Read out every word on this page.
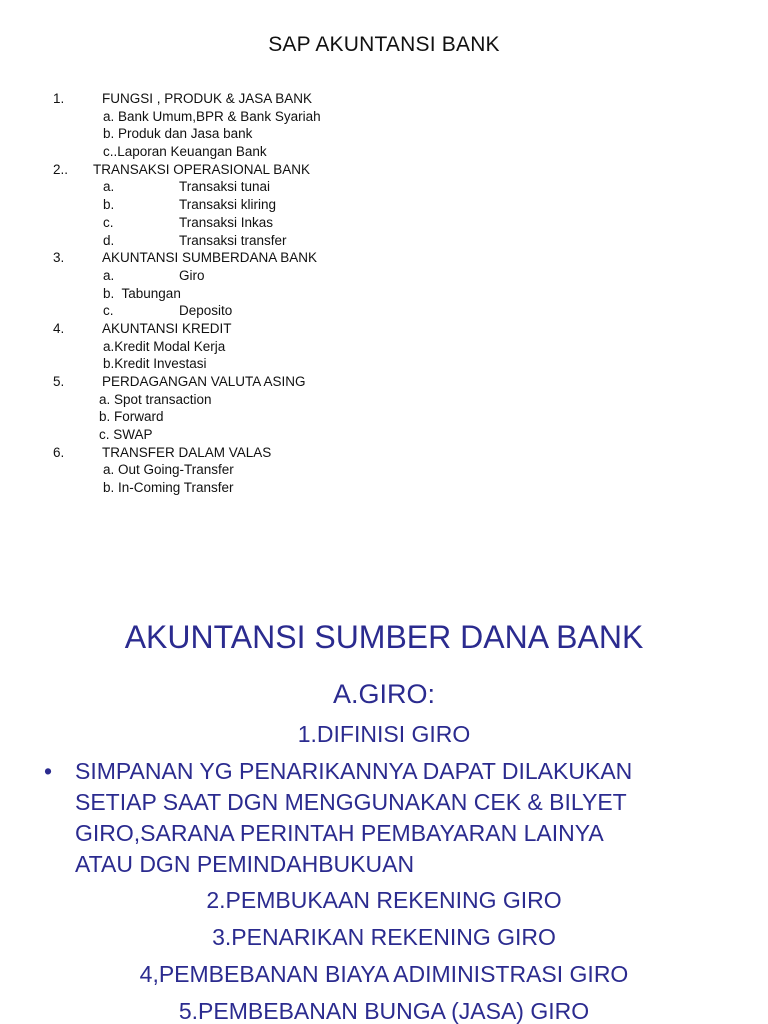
SAP AKUNTANSI BANK
1.	FUNGSI , PRODUK & JASA BANK
a. Bank Umum,BPR & Bank Syariah
b. Produk dan Jasa bank
c..Laporan Keuangan Bank
2.. TRANSAKSI OPERASIONAL BANK
a.	Transaksi tunai
b.	Transaksi kliring
c.	Transaksi Inkas
d.	Transaksi transfer
3.	AKUNTANSI SUMBERDANA BANK
a.	Giro
b.  Tabungan
c.	Deposito
4.	AKUNTANSI KREDIT
a.Kredit Modal Kerja
b.Kredit Investasi
5.	PERDAGANGAN VALUTA ASING
a. Spot transaction
b. Forward
c. SWAP
6.	TRANSFER DALAM VALAS
a. Out Going-Transfer
b. In-Coming Transfer
AKUNTANSI SUMBER DANA BANK
A.GIRO:
1.DIFINISI GIRO
• SIMPANAN YG PENARIKANNYA DAPAT DILAKUKAN
SETIAP SAAT DGN MENGGUNAKAN CEK & BILYET
GIRO,SARANA PERINTAH PEMBAYARAN LAINYA
ATAU DGN PEMINDAHBUKUAN
2.PEMBUKAAN REKENING GIRO
3.PENARIKAN REKENING GIRO
4,PEMBEBANAN BIAYA ADIMINISTRASI GIRO
5.PEMBEBANAN BUNGA (JASA) GIRO
